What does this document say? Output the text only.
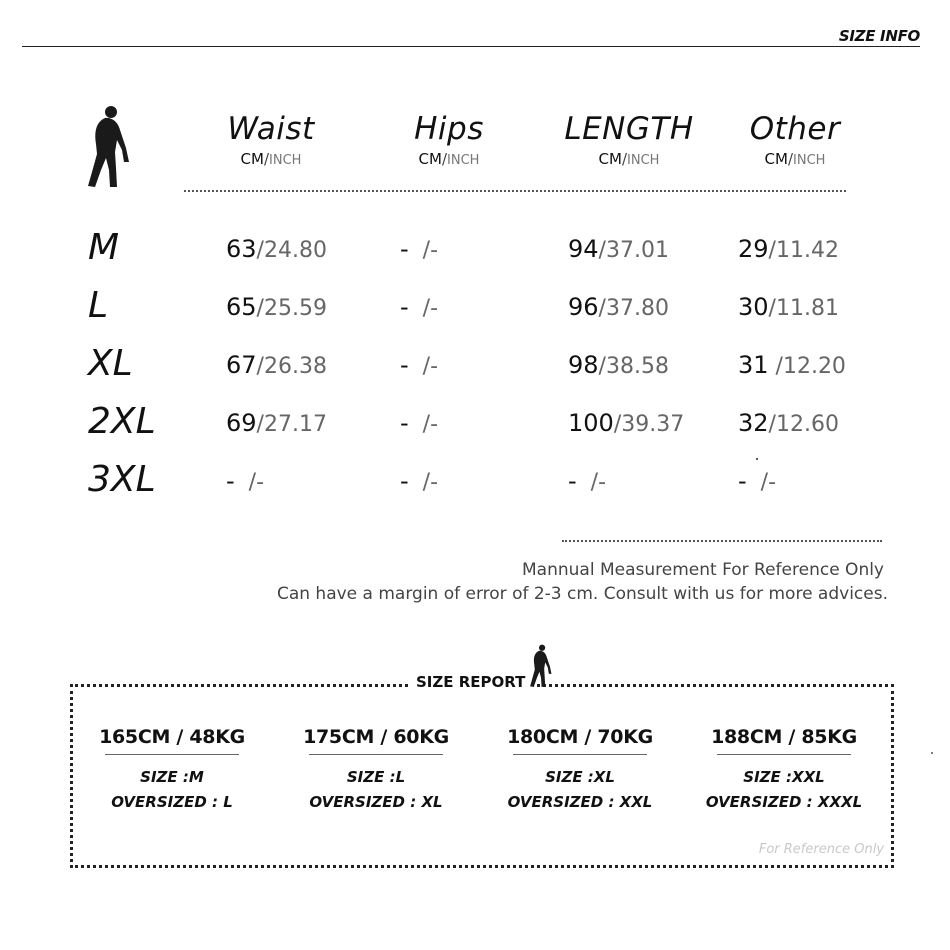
SIZE INFO
Waist
CM/INCH
Hips
CM/INCH
LENGTH
CM/INCH
Other
CM/INCH
M	63/24.80	-  /-	94/37.01	29/11.42
L	65/25.59	-  /-	96/37.80	30/11.81
XL	67/26.38	-  /-	98/38.58	31 /12.20
2XL	69/27.17	-  /-	100/39.37 32/12.60
3XL	-  /-	-  /-	-  /-	-  /-
Mannual Measurement For Reference Only
Can have a margin of error of 2-3 cm. Consult with us for more advices.
SIZE REPORT
165CM / 48KG
SIZE :M
OVERSIZED : L
175CM / 60KG
SIZE :L
OVERSIZED : XL
180CM / 70KG
SIZE :XL
OVERSIZED : XXL
188CM / 85KG
SIZE :XXL
OVERSIZED : XXXL
For Reference Only
